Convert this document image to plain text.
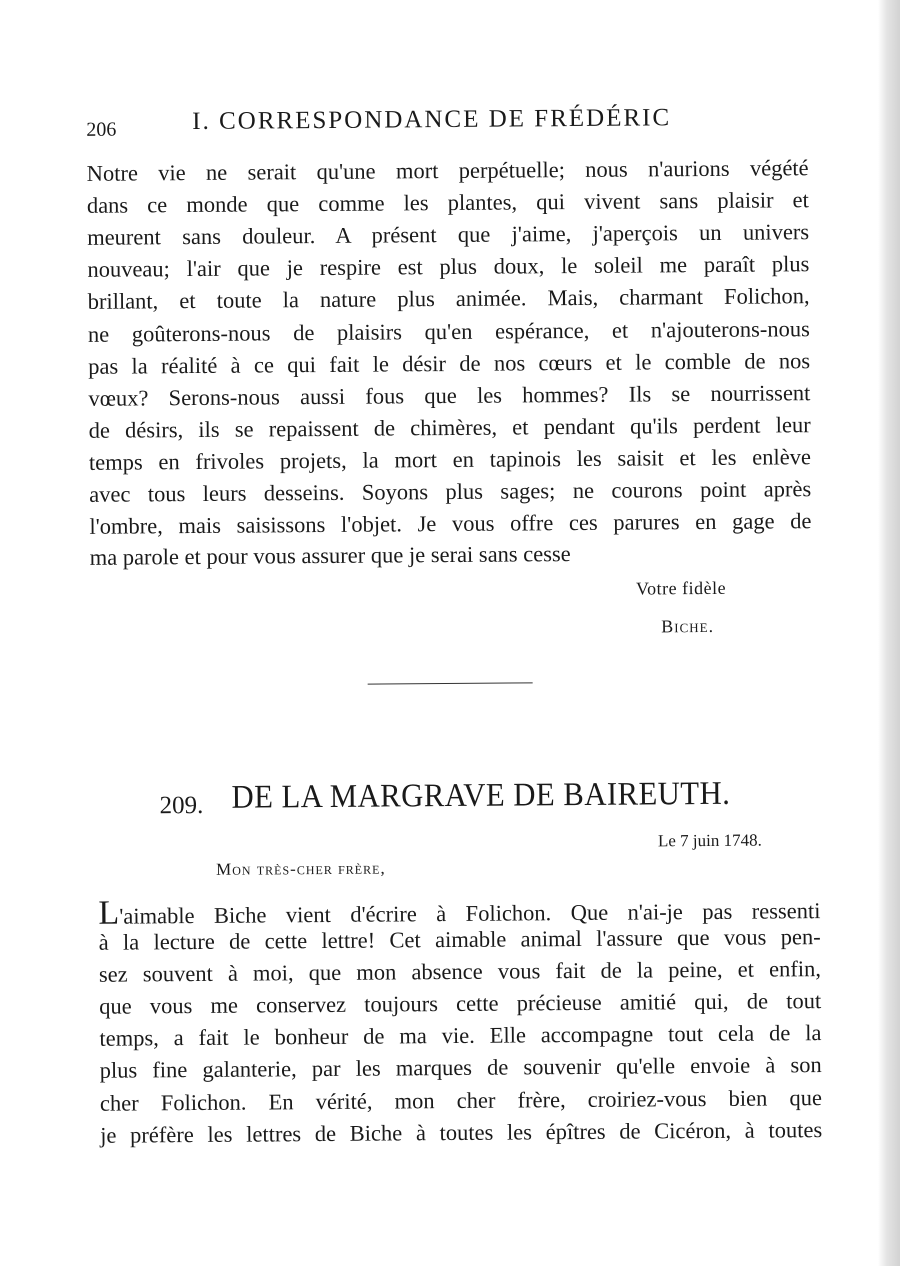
206	I. CORRESPONDANCE DE FRÉDÉRIC
Notre vie ne serait qu'une mort perpétuelle; nous n'aurions végété
dans ce monde que comme les plantes, qui vivent sans plaisir et
meurent sans douleur. A présent que j'aime, j'aperçois un univers
nouveau; l'air que je respire est plus doux, le soleil me paraît plus
brillant, et toute la nature plus animée. Mais, charmant Folichon,
ne goûterons-nous de plaisirs qu'en espérance, et n'ajouterons-nous
pas la réalité à ce qui fait le désir de nos cœurs et le comble de nos
vœux? Serons-nous aussi fous que les hommes? Ils se nourrissent
de désirs, ils se repaissent de chimères, et pendant qu'ils perdent leur
temps en frivoles projets, la mort en tapinois les saisit et les enlève
avec tous leurs desseins. Soyons plus sages; ne courons point après
l'ombre, mais saisissons l'objet. Je vous offre ces parures en gage de
ma parole et pour vous assurer que je serai sans cesse
Votre fidèle
Biche.
209. DE LA MARGRAVE DE BAIREUTH.
Le 7 juin 1748.
Mon très-cher frère,
L'aimable Biche vient d'écrire à Folichon. Que n'ai-je pas ressenti
à la lecture de cette lettre! Cet aimable animal l'assure que vous pen-
sez souvent à moi, que mon absence vous fait de la peine, et enfin,
que vous me conservez toujours cette précieuse amitié qui, de tout
temps, a fait le bonheur de ma vie. Elle accompagne tout cela de la
plus fine galanterie, par les marques de souvenir qu'elle envoie à son
cher Folichon. En vérité, mon cher frère, croiriez-vous bien que
je préfère les lettres de Biche à toutes les épîtres de Cicéron, à toutes
